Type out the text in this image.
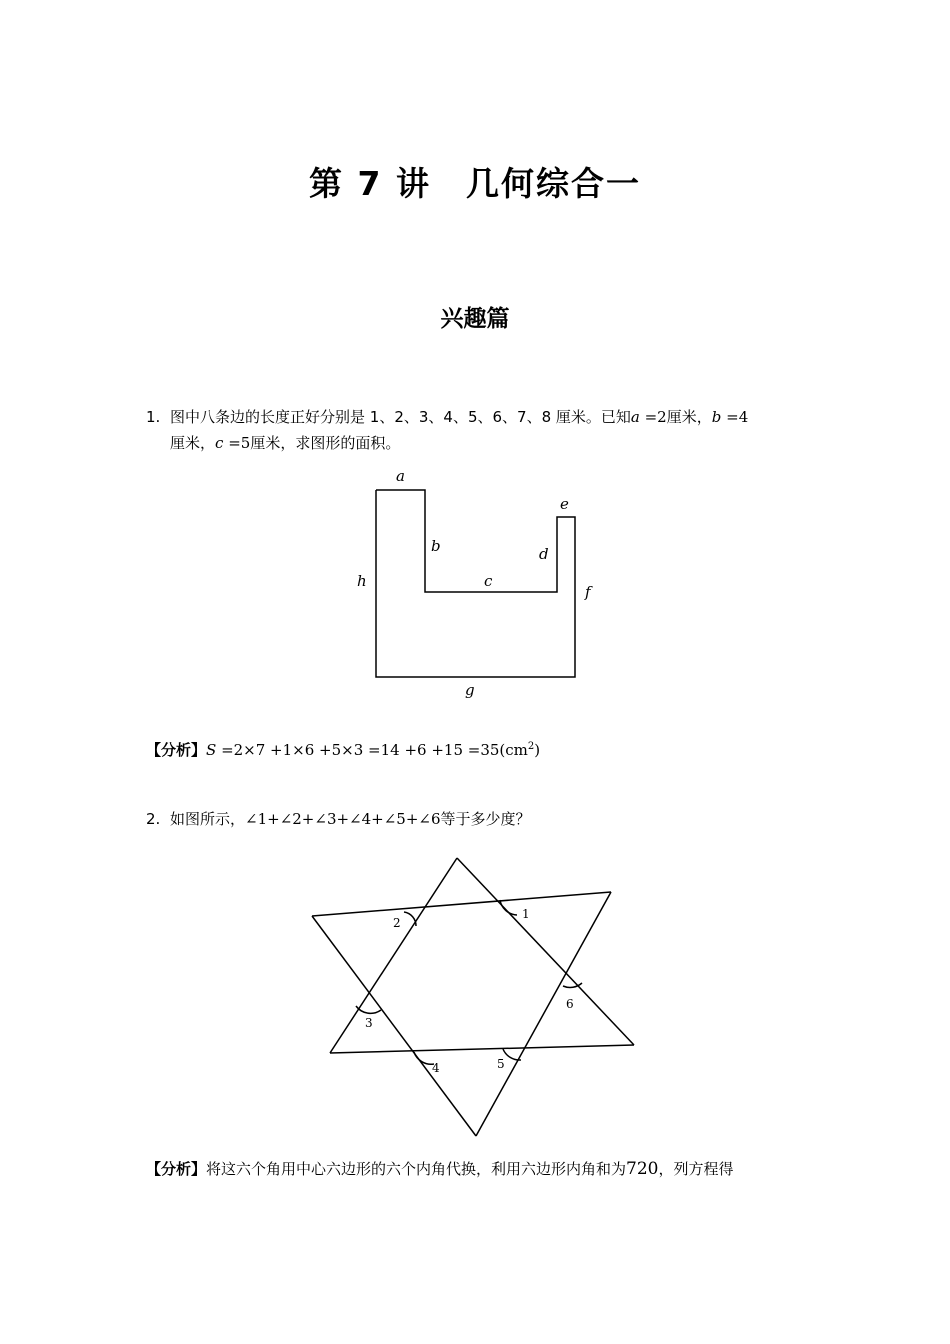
第 7 讲　几何综合一
兴趣篇
1. 图中八条边的长度正好分别是 1、2、3、4、5、6、7、8 厘米。已知a =2厘米，b =4
厘米，c =5厘米，求图形的面积。
a
b
c
d
e
f
g
h
1
2
3
4	5
6
【分析】$S =2\times 7 +1\times 6 +5\times 3 =14 +6 +15 =35(cm^2)$
2. 如图所示，∠1+∠2+∠3+∠4+∠5+∠6等于多少度？
【分析】将这六个角用中心六边形的六个内角代换，利用六边形内角和为720，列方程得
